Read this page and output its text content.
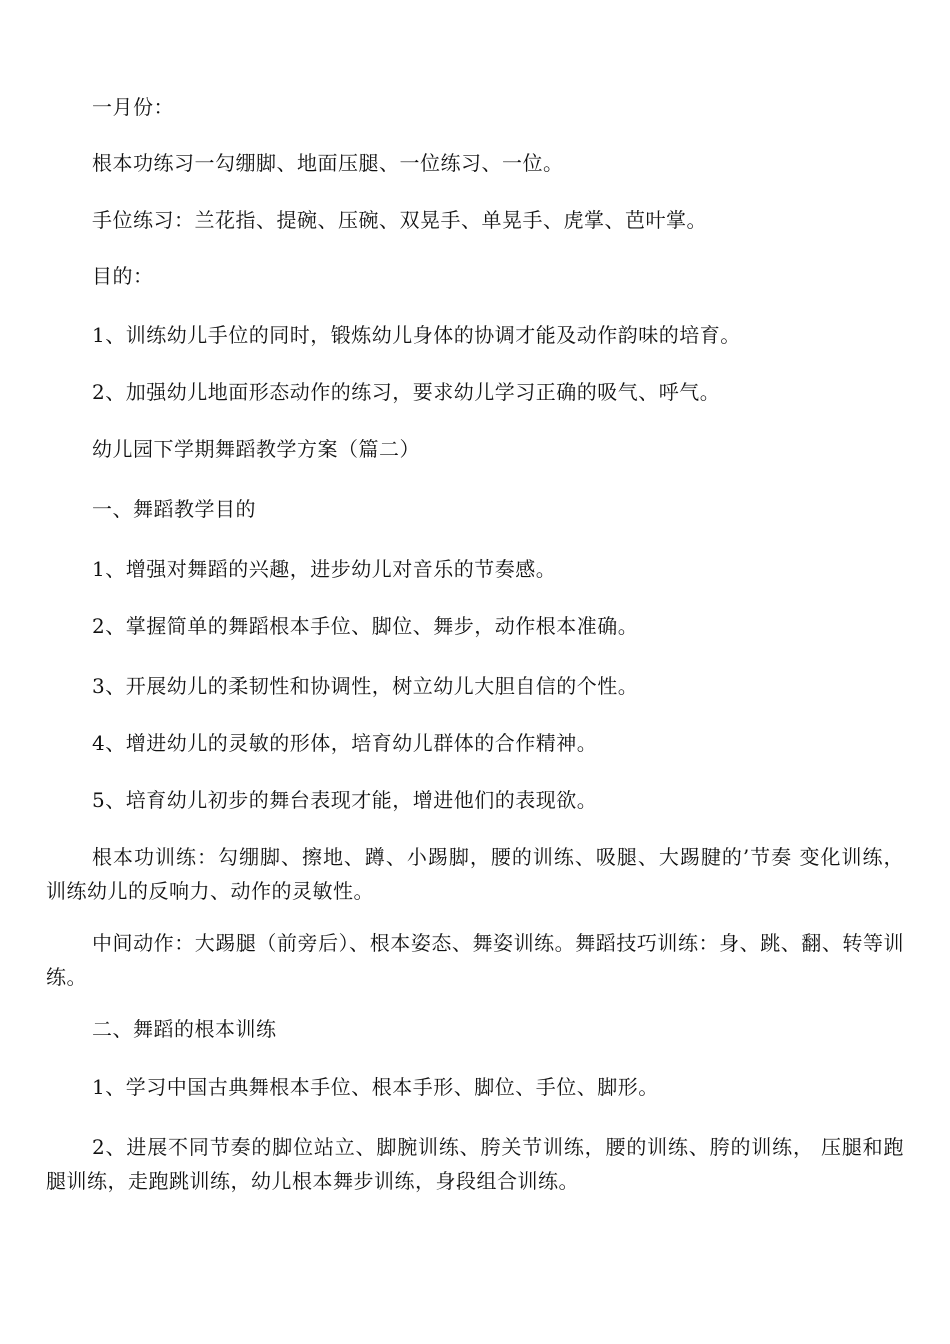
一月份：

根本功练习一勾绷脚、地面压腿、一位练习、一位。

手位练习：兰花指、提碗、压碗、双晃手、单晃手、虎掌、芭叶掌。

目的：

1、训练幼儿手位的同时，锻炼幼儿身体的协调才能及动作韵味的培育。

2、加强幼儿地面形态动作的练习，要求幼儿学习正确的吸气、呼气。

幼儿园下学期舞蹈教学方案（篇二）

一、舞蹈教学目的

1、增强对舞蹈的兴趣，进步幼儿对音乐的节奏感。

2、掌握简单的舞蹈根本手位、脚位、舞步，动作根本准确。

3、开展幼儿的柔韧性和协调性，树立幼儿大胆自信的个性。

4、增进幼儿的灵敏的形体，培育幼儿群体的合作精神。

5、培育幼儿初步的舞台表现才能，增进他们的表现欲。

根本功训练：勾绷脚、擦地、蹲、小踢脚，腰的训练、吸腿、大踢腱的’节奏 变化训练，训练幼儿的反响力、动作的灵敏性。

中间动作：大踢腿（前旁后）、根本姿态、舞姿训练。舞蹈技巧训练：身、跳、翻、转等训练。

二、舞蹈的根本训练

1、学习中国古典舞根本手位、根本手形、脚位、手位、脚形。

2、进展不同节奏的脚位站立、脚腕训练、胯关节训练，腰的训练、胯的训练， 压腿和跑腿训练，走跑跳训练，幼儿根本舞步训练，身段组合训练。
